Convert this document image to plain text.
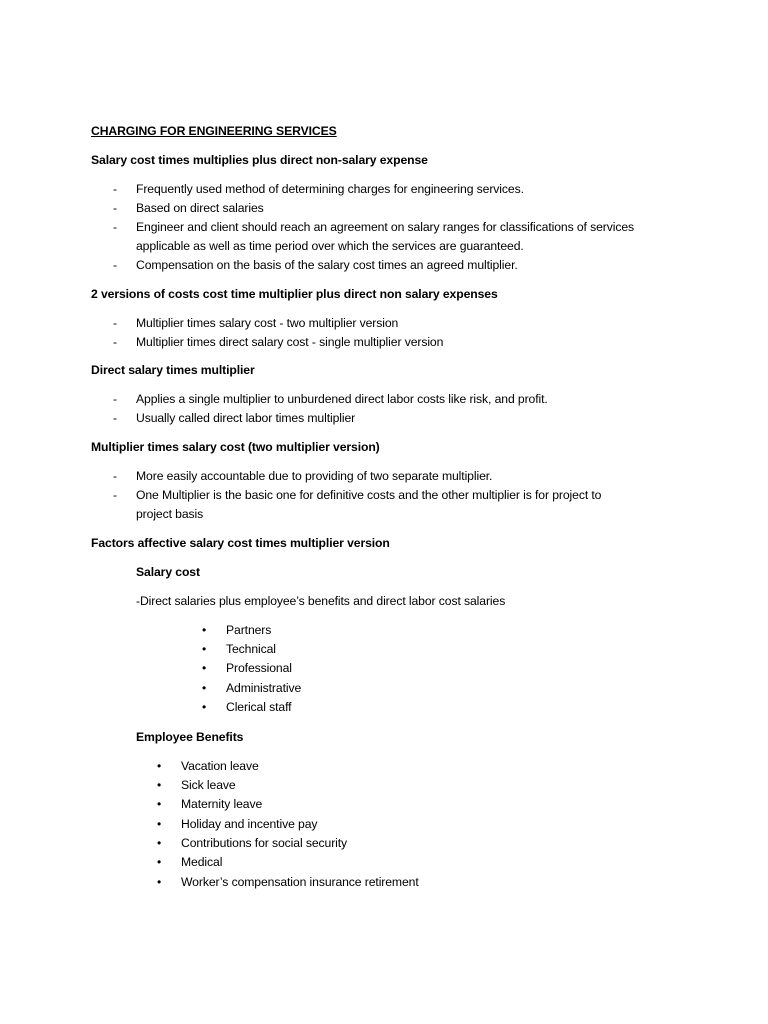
CHARGING FOR ENGINEERING SERVICES
Salary cost times multiplies plus direct non-salary expense
- Frequently used method of determining charges for engineering services.
- Based on direct salaries
- Engineer and client should reach an agreement on salary ranges for classifications of services
applicable as well as time period over which the services are guaranteed.
- Compensation on the basis of the salary cost times an agreed multiplier.
2 versions of costs cost time multiplier plus direct non salary expenses
- Multiplier times salary cost - two multiplier version
- Multiplier times direct salary cost - single multiplier version
Direct salary times multiplier
- Applies a single multiplier to unburdened direct labor costs like risk, and profit.
- Usually called direct labor times multiplier
Multiplier times salary cost (two multiplier version)
- More easily accountable due to providing of two separate multiplier.
- One Multiplier is the basic one for definitive costs and the other multiplier is for project to
project basis
Factors affective salary cost times multiplier version
Salary cost
-Direct salaries plus employee’s benefits and direct labor cost salaries
• Partners
• Technical
• Professional
• Administrative
• Clerical staff
Employee Benefits
• Vacation leave
• Sick leave
• Maternity leave
• Holiday and incentive pay
• Contributions for social security
• Medical
• Worker’s compensation insurance retirement
